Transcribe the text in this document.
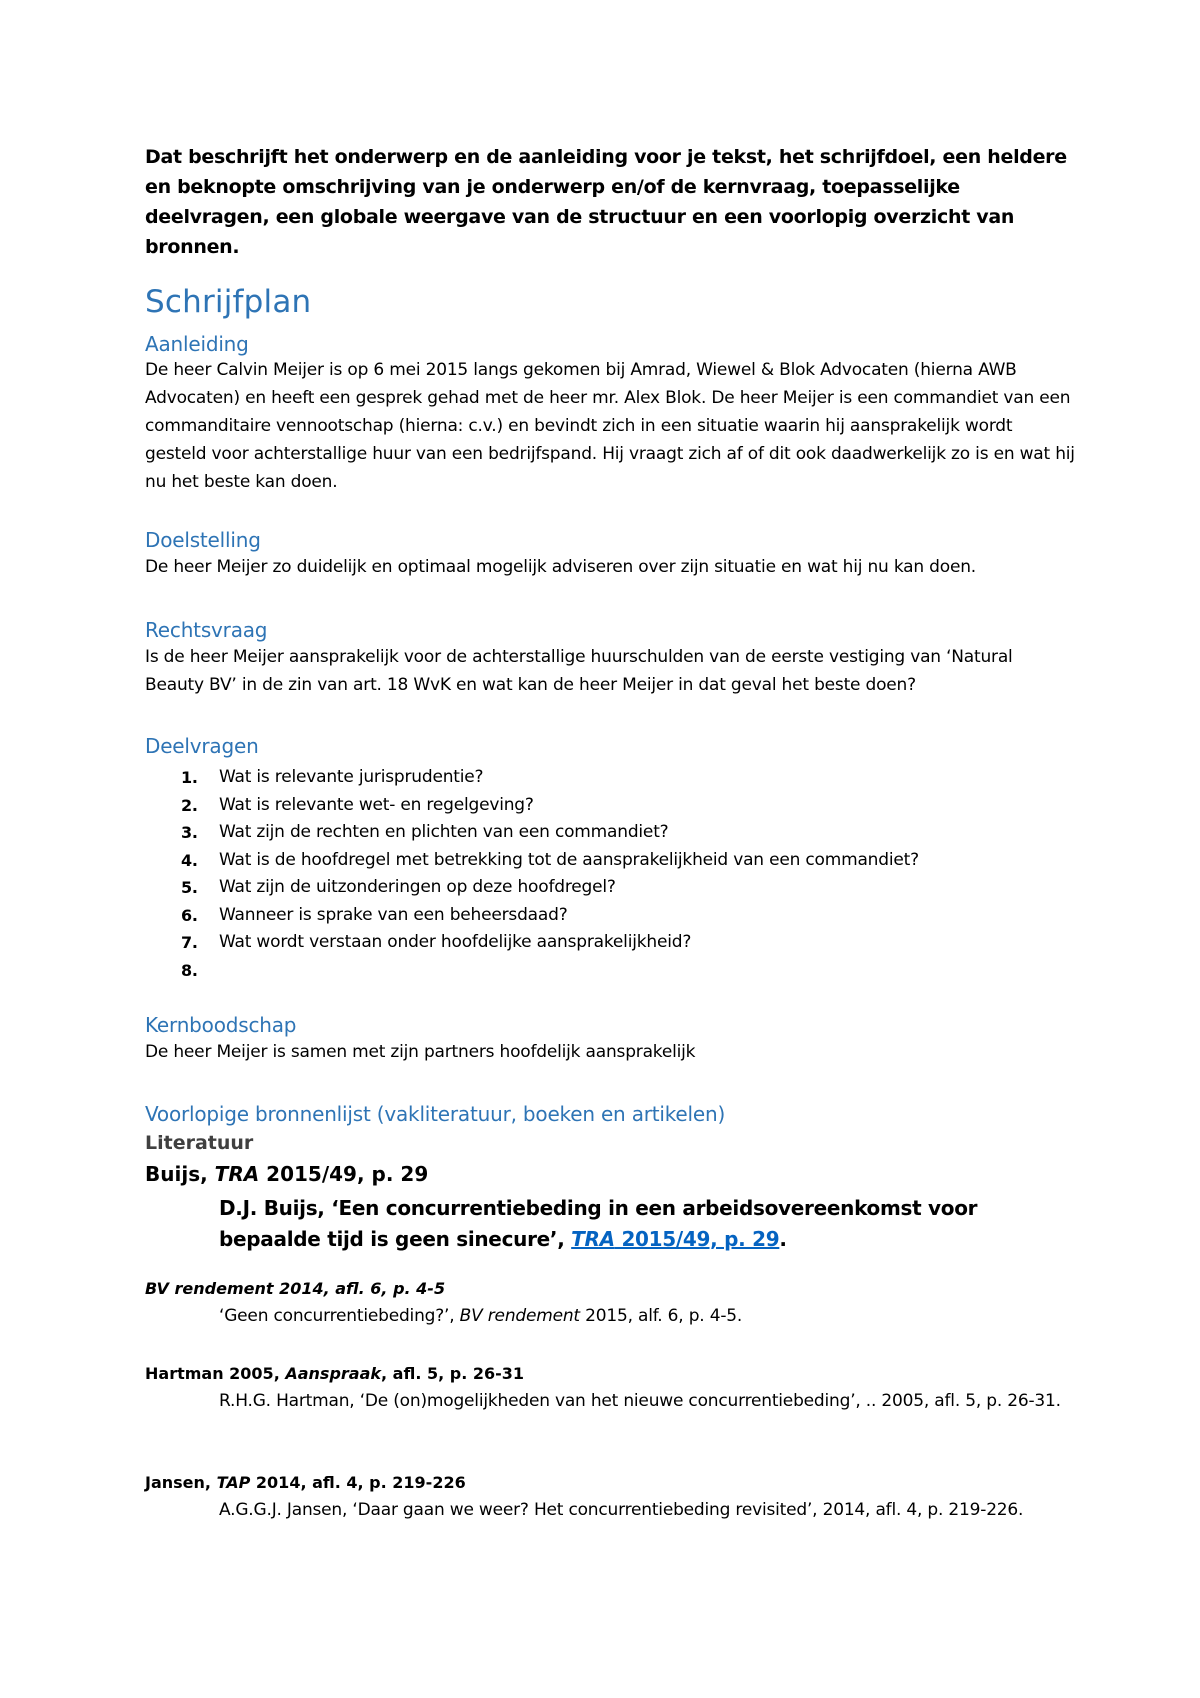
Dat beschrijft het onderwerp en de aanleiding voor je tekst, het schrijfdoel, een heldere en beknopte omschrijving van je onderwerp en/of de kernvraag, toepasselijke deelvragen, een globale weergave van de structuur en een voorlopig overzicht van bronnen.
Schrijfplan
Aanleiding
De heer Calvin Meijer is op 6 mei 2015 langs gekomen bij Amrad, Wiewel & Blok Advocaten (hierna AWB Advocaten) en heeft een gesprek gehad met de heer mr. Alex Blok. De heer Meijer is een commandiet van een commanditaire vennootschap (hierna: c.v.) en bevindt zich in een situatie waarin hij aansprakelijk wordt gesteld voor achterstallige huur van een bedrijfspand. Hij vraagt zich af of dit ook daadwerkelijk zo is en wat hij nu het beste kan doen.
Doelstelling
De heer Meijer zo duidelijk en optimaal mogelijk adviseren over zijn situatie en wat hij nu kan doen.
Rechtsvraag
Is de heer Meijer aansprakelijk voor de achterstallige huurschulden van de eerste vestiging van ‘Natural Beauty BV’ in de zin van art. 18 WvK en wat kan de heer Meijer in dat geval het beste doen?
Deelvragen
1. Wat is relevante jurisprudentie?
2. Wat is relevante wet- en regelgeving?
3. Wat zijn de rechten en plichten van een commandiet?
4. Wat is de hoofdregel met betrekking tot de aansprakelijkheid van een commandiet?
5. Wat zijn de uitzonderingen op deze hoofdregel?
6. Wanneer is sprake van een beheersdaad?
7. Wat wordt verstaan onder hoofdelijke aansprakelijkheid?
8.
Kernboodschap
De heer Meijer is samen met zijn partners hoofdelijk aansprakelijk
Voorlopige bronnenlijst (vakliteratuur, boeken en artikelen)
Literatuur
Buijs, TRA 2015/49, p. 29
D.J. Buijs, ‘Een concurrentiebeding in een arbeidsovereenkomst voor bepaalde tijd is geen sinecure’, TRA 2015/49, p. 29.
BV rendement 2014, afl. 6, p. 4-5
‘Geen concurrentiebeding?’, BV rendement 2015, alf. 6, p. 4-5.
Hartman 2005, Aanspraak, afl. 5, p. 26-31
R.H.G. Hartman, ‘De (on)mogelijkheden van het nieuwe concurrentiebeding’, .. 2005, afl. 5, p. 26-31.
Jansen, TAP 2014, afl. 4, p. 219-226
A.G.G.J. Jansen, ‘Daar gaan we weer? Het concurrentiebeding revisited’, 2014, afl. 4, p. 219-226.
